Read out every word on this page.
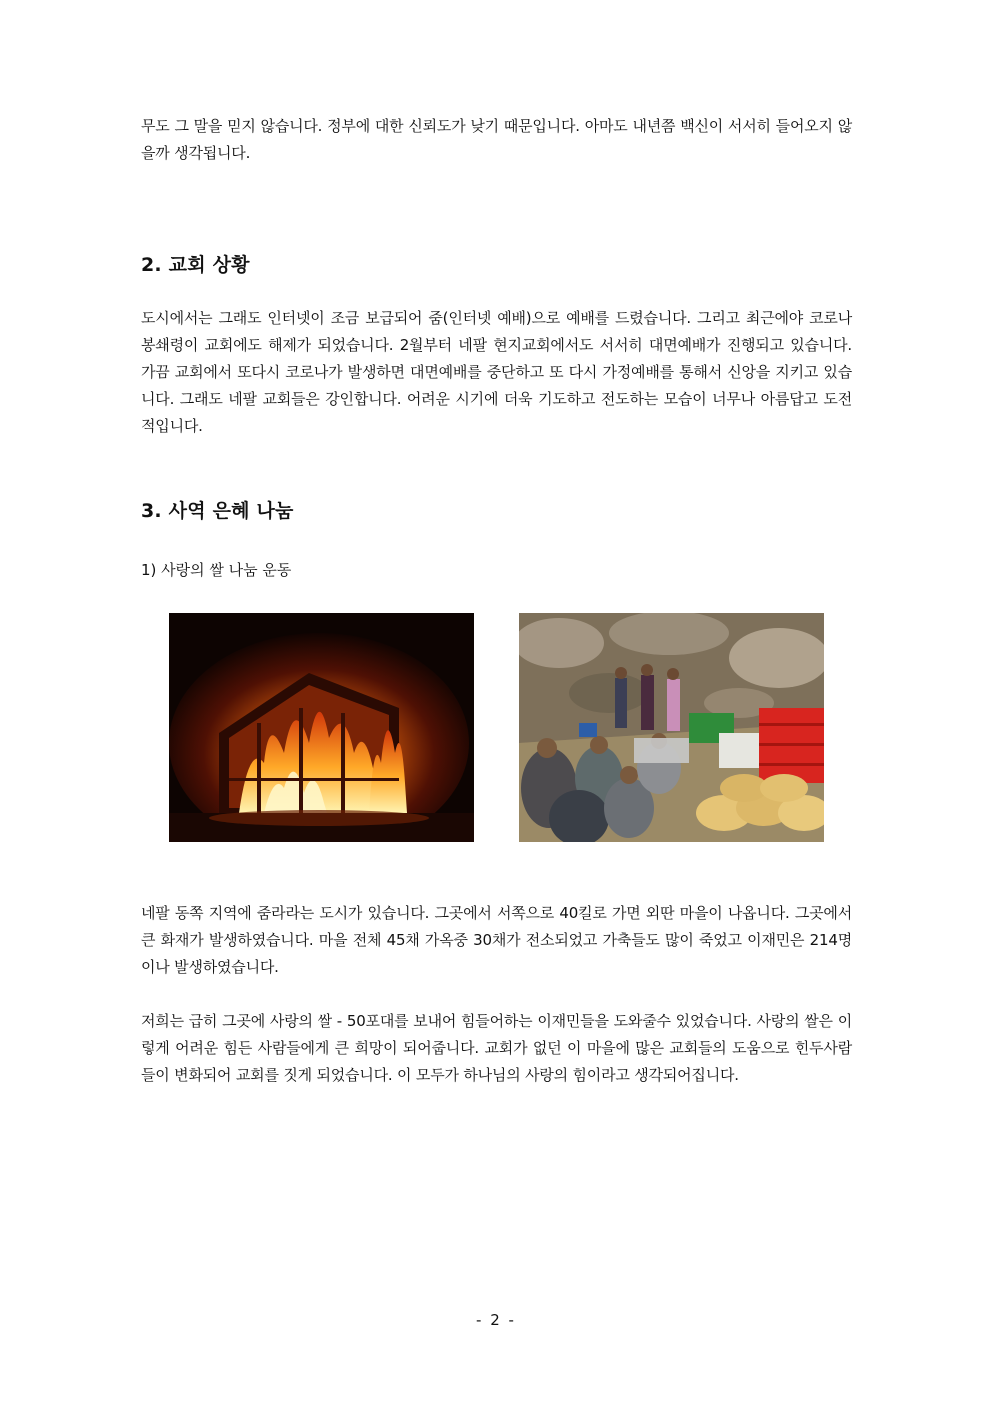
무도 그 말을 믿지 않습니다. 정부에 대한 신뢰도가 낮기 때문입니다. 아마도 내년쯤 백신이 서서히 들어오지 않을까 생각됩니다.

2. 교회 상황

도시에서는 그래도 인터넷이 조금 보급되어 줌(인터넷 예배)으로 예배를 드렸습니다. 그리고 최근에야 코로나 봉쇄령이 교회에도 해제가 되었습니다. 2월부터 네팔 현지교회에서도 서서히 대면예배가 진행되고 있습니다. 가끔 교회에서 또다시 코로나가 발생하면 대면예배를 중단하고 또 다시 가정예배를 통해서 신앙을 지키고 있습니다. 그래도 네팔 교회들은 강인합니다. 어려운 시기에 더욱 기도하고 전도하는 모습이 너무나 아름답고 도전적입니다.

3. 사역 은혜 나눔
1) 사랑의 쌀 나눔 운동

네팔 동쪽 지역에 줌라라는 도시가 있습니다. 그곳에서 서쪽으로 40킬로 가면 외딴 마을이 나옵니다. 그곳에서 큰 화재가 발생하였습니다. 마을 전체 45채 가옥중 30채가 전소되었고 가축들도 많이 죽었고 이재민은 214명이나 발생하였습니다.

저희는 급히 그곳에 사랑의 쌀 - 50포대를 보내어 힘들어하는 이재민들을 도와줄수 있었습니다. 사랑의 쌀은 이렇게 어려운 힘든 사람들에게 큰 희망이 되어줍니다. 교회가 없던 이 마을에 많은 교회들의 도움으로 힌두사람들이 변화되어 교회를 짓게 되었습니다. 이 모두가 하나님의 사랑의 힘이라고 생각되어집니다.

- 2 -
